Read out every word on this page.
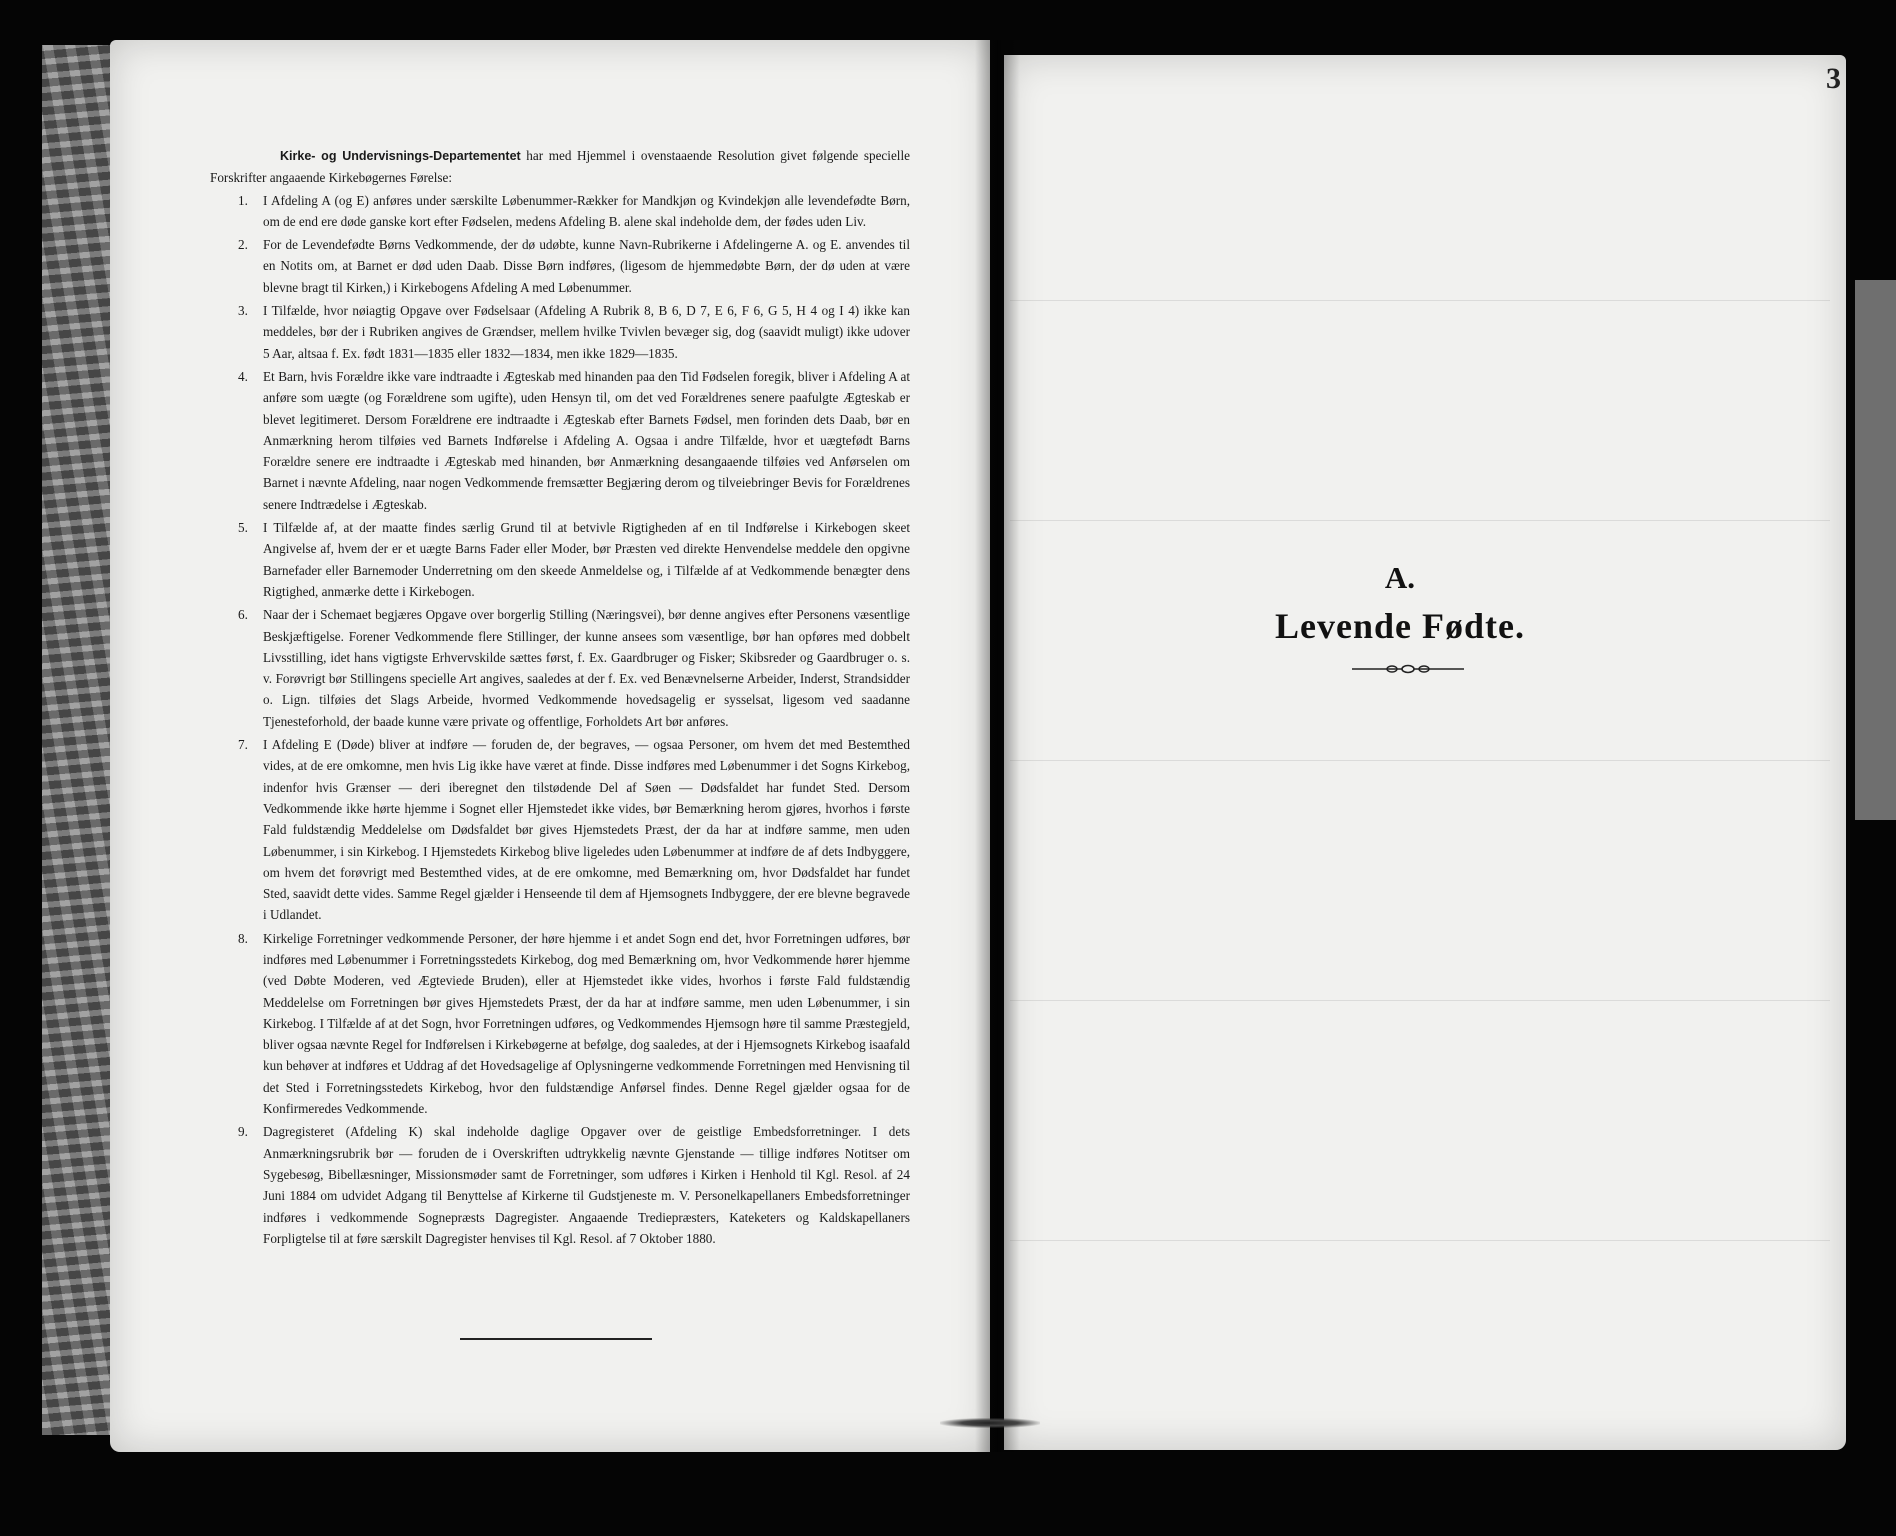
3

Kirke- og Undervisnings-Departementet har med Hjemmel i ovenstaaende Resolution givet følgende specielle Forskrifter angaaende Kirkebøgernes Førelse:

1. I Afdeling A (og E) anføres under særskilte Løbenummer-Rækker for Mandkjøn og Kvindekjøn alle levendefødte Børn, om de end ere døde ganske kort efter Fødselen, medens Afdeling B. alene skal indeholde dem, der fødes uden Liv.
2. For de Levendefødte Børns Vedkommende, der dø udøbte, kunne Navn-Rubrikerne i Afdelingerne A. og E. anvendes til en Notits om, at Barnet er død uden Daab. Disse Børn indføres, (ligesom de hjemmedøbte Børn, der dø uden at være blevne bragt til Kirken,) i Kirkebogens Afdeling A med Løbenummer.
3. I Tilfælde, hvor nøiagtig Opgave over Fødselsaar (Afdeling A Rubrik 8, B 6, D 7, E 6, F 6, G 5, H 4 og I 4) ikke kan meddeles, bør der i Rubriken angives de Grændser, mellem hvilke Tvivlen bevæger sig, dog (saavidt muligt) ikke udover 5 Aar, altsaa f. Ex. født 1831—1835 eller 1832—1834, men ikke 1829—1835.
4. Et Barn, hvis Forældre ikke vare indtraadte i Ægteskab med hinanden paa den Tid Fødselen foregik, bliver i Afdeling A at anføre som uægte (og Forældrene som ugifte), uden Hensyn til, om det ved Forældrenes senere paafulgte Ægteskab er blevet legitimeret. Dersom Forældrene ere indtraadte i Ægteskab efter Barnets Fødsel, men forinden dets Daab, bør en Anmærkning herom tilføies ved Barnets Indførelse i Afdeling A. Ogsaa i andre Tilfælde, hvor et uægtefødt Barns Forældre senere ere indtraadte i Ægteskab med hinanden, bør Anmærkning desangaaende tilføies ved Anførselen om Barnet i nævnte Afdeling, naar nogen Vedkommende fremsætter Begjæring derom og tilveiebringer Bevis for Forældrenes senere Indtrædelse i Ægteskab.
5. I Tilfælde af, at der maatte findes særlig Grund til at betvivle Rigtigheden af en til Indførelse i Kirkebogen skeet Angivelse af, hvem der er et uægte Barns Fader eller Moder, bør Præsten ved direkte Henvendelse meddele den opgivne Barnefader eller Barnemoder Underretning om den skeede Anmeldelse og, i Tilfælde af at Vedkommende benægter dens Rigtighed, anmærke dette i Kirkebogen.
6. Naar der i Schemaet begjæres Opgave over borgerlig Stilling (Næringsvei), bør denne angives efter Personens væsentlige Beskjæftigelse. Forener Vedkommende flere Stillinger, der kunne ansees som væsentlige, bør han opføres med dobbelt Livsstilling, idet hans vigtigste Erhvervskilde sættes først, f. Ex. Gaardbruger og Fisker; Skibsreder og Gaardbruger o. s. v. Forøvrigt bør Stillingens specielle Art angives, saaledes at der f. Ex. ved Benævnelserne Arbeider, Inderst, Strandsidder o. Lign. tilføies det Slags Arbeide, hvormed Vedkommende hovedsagelig er sysselsat, ligesom ved saadanne Tjenesteforhold, der baade kunne være private og offentlige, Forholdets Art bør anføres.
7. I Afdeling E (Døde) bliver at indføre — foruden de, der begraves, — ogsaa Personer, om hvem det med Bestemthed vides, at de ere omkomne, men hvis Lig ikke have været at finde. Disse indføres med Løbenummer i det Sogns Kirkebog, indenfor hvis Grænser — deri iberegnet den tilstødende Del af Søen — Dødsfaldet har fundet Sted. Dersom Vedkommende ikke hørte hjemme i Sognet eller Hjemstedet ikke vides, bør Bemærkning herom gjøres, hvorhos i første Fald fuldstændig Meddelelse om Dødsfaldet bør gives Hjemstedets Præst, der da har at indføre samme, men uden Løbenummer, i sin Kirkebog. I Hjemstedets Kirkebog blive ligeledes uden Løbenummer at indføre de af dets Indbyggere, om hvem det forøvrigt med Bestemthed vides, at de ere omkomne, med Bemærkning om, hvor Dødsfaldet har fundet Sted, saavidt dette vides. Samme Regel gjælder i Henseende til dem af Hjemsognets Indbyggere, der ere blevne begravede i Udlandet.
8. Kirkelige Forretninger vedkommende Personer, der høre hjemme i et andet Sogn end det, hvor Forretningen udføres, bør indføres med Løbenummer i Forretningsstedets Kirkebog, dog med Bemærkning om, hvor Vedkommende hører hjemme (ved Døbte Moderen, ved Ægteviede Bruden), eller at Hjemstedet ikke vides, hvorhos i første Fald fuldstændig Meddelelse om Forretningen bør gives Hjemstedets Præst, der da har at indføre samme, men uden Løbenummer, i sin Kirkebog. I Tilfælde af at det Sogn, hvor Forretningen udføres, og Vedkommendes Hjemsogn høre til samme Præstegjeld, bliver ogsaa nævnte Regel for Indførelsen i Kirkebøgerne at befølge, dog saaledes, at der i Hjemsognets Kirkebog isaafald kun behøver at indføres et Uddrag af det Hovedsagelige af Oplysningerne vedkommende Forretningen med Henvisning til det Sted i Forretningsstedets Kirkebog, hvor den fuldstændige Anførsel findes. Denne Regel gjælder ogsaa for de Konfirmeredes Vedkommende.
9. Dagregisteret (Afdeling K) skal indeholde daglige Opgaver over de geistlige Embedsforretninger. I dets Anmærkningsrubrik bør — foruden de i Overskriften udtrykkelig nævnte Gjenstande — tillige indføres Notitser om Sygebesøg, Bibellæsninger, Missionsmøder samt de Forretninger, som udføres i Kirken i Henhold til Kgl. Resol. af 24 Juni 1884 om udvidet Adgang til Benyttelse af Kirkerne til Gudstjeneste m. V. Personelkapellaners Embedsforretninger indføres i vedkommende Sognepræsts Dagregister. Angaaende Trediepræsters, Kateketers og Kaldskapellaners Forpligtelse til at føre særskilt Dagregister henvises til Kgl. Resol. af 7 Oktober 1880.
A.
Levende Fødte.
